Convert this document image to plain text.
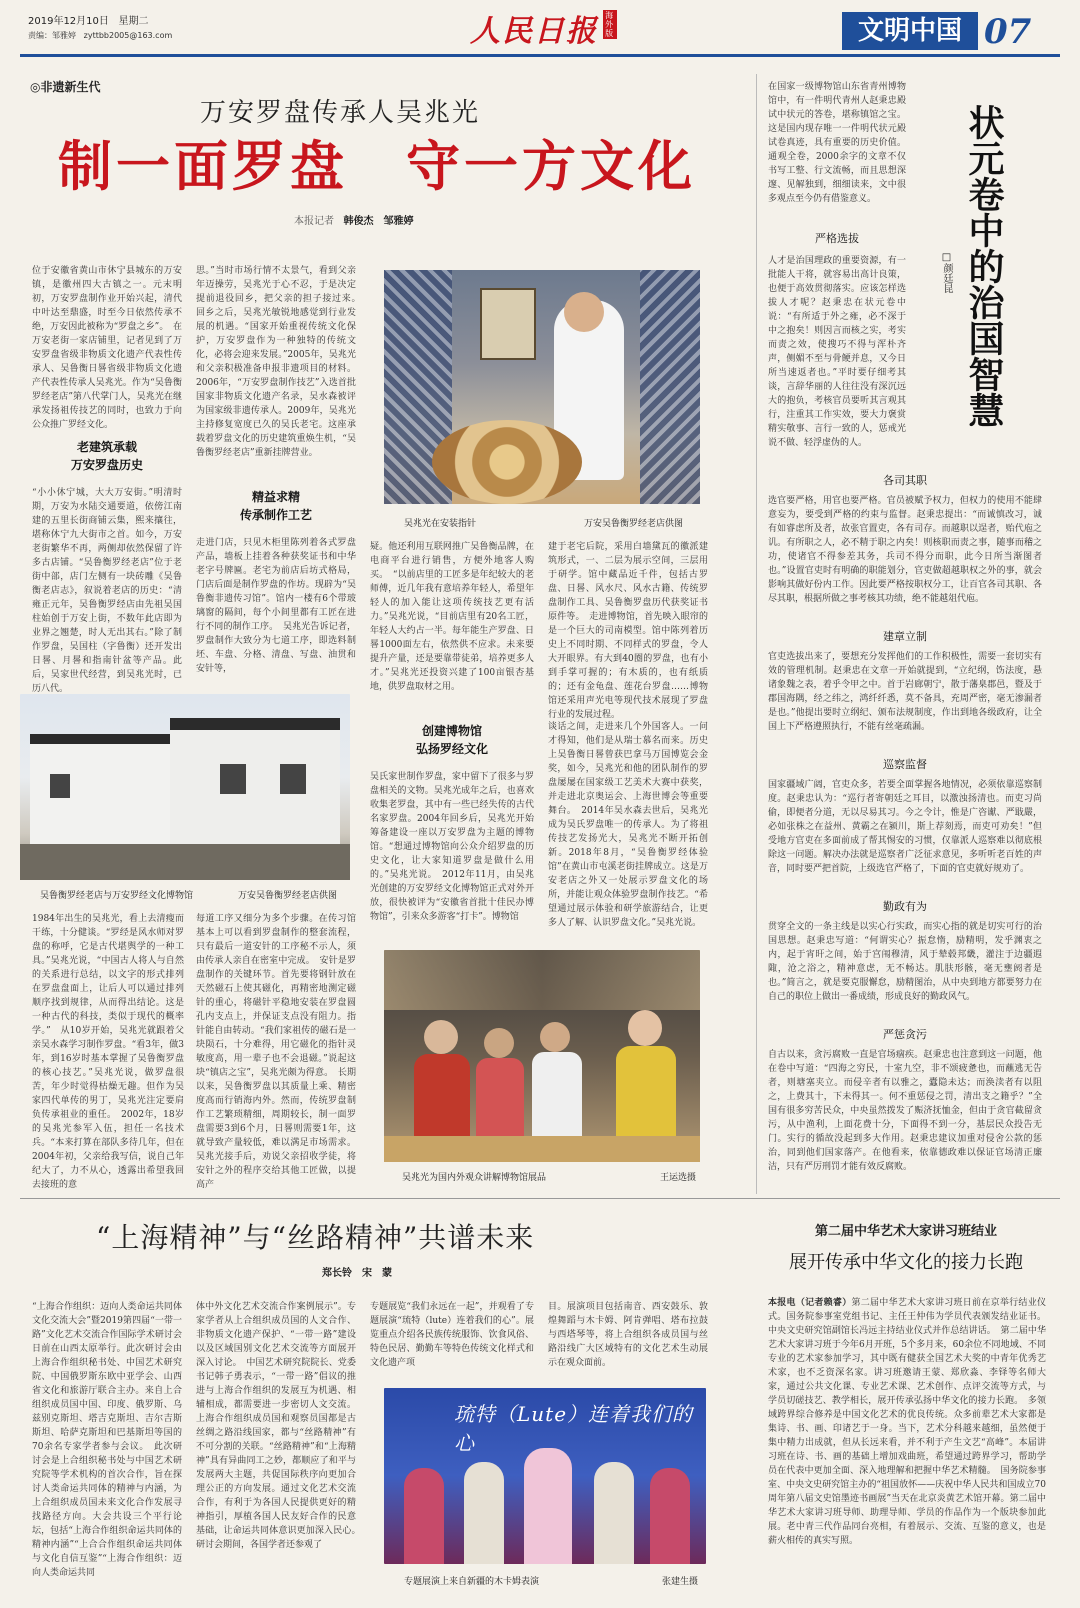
2019年12月10日 星期二
责编：邹雅婷 zyttbb2005@163.com	人民日报 海外版	文明中国 07
◎非遗新生代
万安罗盘传承人吴兆光
制一面罗盘　守一方文化
本报记者 韩俊杰　邹雅婷
位于安徽省黄山市休宁县城东的万安镇，是徽州四大古镇之一。元末明初，万安罗盘制作业开始兴起，清代中叶达至鼎盛，时至今日依然传承不绝，万安因此被称为“罗盘之乡”。　在万安老街一家店铺里，记者见到了万安罗盘省级非物质文化遗产代表性传承人、吴鲁衡日晷省级非物质文化遗产代表性传承人吴兆光。作为“吴鲁衡罗经老店”第八代掌门人，吴兆光在继承发扬祖传技艺的同时，也致力于向公众推广罗经文化。
思。”当时市场行情不太景气，看到父亲年迈操劳，吴兆光于心不忍，于是决定提前退役回乡，把父亲的担子接过来。　回乡之后，吴兆光敏锐地感觉到行业发展的机遇。“国家开始重视传统文化保护，万安罗盘作为一种独特的传统文化，必将会迎来发展。”2005年，吴兆光和父亲积极准备申报非遗项目的材料。2006年，“万安罗盘制作技艺”入选首批国家非物质文化遗产名录，吴水森被评为国家级非遗传承人。2009年，吴兆光主持修复宽度已久的吴氏老宅。这座承载着罗盘文化的历史建筑重焕生机，“吴鲁衡罗经老店”重新挂牌营业。
老建筑承载
万安罗盘历史
“小小休宁城，大大万安街。”明清时期，万安为水陆交通要道，依傍江南建的五里长街商铺云集，熙来攘往，堪称休宁九大街市之首。如今，万安老街繁华不再，两侧却依然保留了许多古店铺。“吴鲁衡罗经老店”位于老街中部，店门左侧有一块砖雕《吴鲁衡老店志》，叙说着老店的历史：“清雍正元年，吴鲁衡罗经店由先祖吴国柱始创于万安上街，不数年此店即为业界之翘楚，时人无出其右。”除了制作罗盘，吴国柱（字鲁衡）还开发出日晷、月晷和指南针盆等产品。此后，吴家世代经营，到吴兆光时，已历八代。
精益求精
传承制作工艺
走进门店，只见木柜里陈列着各式罗盘产品，墙板上挂着各种获奖证书和中华老字号牌匾。老宅为前店后坊式格局，门店后面是制作罗盘的作坊。现辟为“吴鲁衡非遗传习馆”。馆内一楼有6个带玻璃窗的隔间，每个小间里都有工匠在进行不同的制作工序。　吴兆光告诉记者，罗盘制作大致分为七道工序，即选料制坯、车盘、分格、清盘、写盘、油贯和安针等，
吴兆光在安装指针	万安吴鲁衡罗经老店供图
疑。他还利用互联网推广吴鲁衡品牌，在电商平台进行销售，方便外地客人购买。　“以前店里的工匠多是年纪较大的老师傅，近几年我有意培养年轻人，希望年轻人的加入能让这项传统技艺更有活力。”吴兆光说，“目前店里有20名工匠，年轻人大约占一半。每年能生产罗盘、日晷1000面左右，依然供不应求。未来要提升产量，还是要靠带徒弟，培养更多人才。”吴兆光还投资兴建了100亩银杏基地，供罗盘取材之用。
建于老宅后院，采用白墙黛瓦的徽派建筑形式，一、二层为展示空间，三层用于研学。馆中藏品近千件，包括古罗盘、日晷、风水尺、风水古籍、传统罗盘制作工具、吴鲁衡罗盘历代获奖证书原件等。　走进博物馆，首先映入眼帘的是一个巨大的司南模型。馆中陈列着历史上不同时期、不同样式的罗盘，令人大开眼界。有大到40圈的罗盘，也有小到手掌可握的；有木质的，也有纸质的；还有金龟盘、莲花台罗盘……博物馆还采用声光电等现代技术展现了罗盘行业的发展过程。
吴鲁衡罗经老店与万安罗经文化博物馆	万安吴鲁衡罗经老店供图
创建博物馆
弘扬罗经文化
吴氏家世制作罗盘，家中留下了很多与罗盘相关的文物。吴兆光成年之后，也喜欢收集老罗盘，其中有一些已经失传的古代名家罗盘。2004年回乡后，吴兆光开始筹备建设一座以万安罗盘为主题的博物馆。“想通过博物馆向公众介绍罗盘的历史文化，让大家知道罗盘是做什么用的。”吴兆光说。　2012年11月，由吴兆光创建的万安罗经文化博物馆正式对外开放，很快被评为“安徽省首批十佳民办博物馆”，引来众多游客“打卡”。博物馆
谈话之间，走进来几个外国客人。一问才得知，他们是从瑞士慕名而来。历史上吴鲁衡日晷曾获巴拿马万国博览会金奖，如今，吴兆光和他的团队制作的罗盘屡屡在国家级工艺美术大赛中获奖，并走进北京奥运会、上海世博会等重要舞台。　2014年吴水森去世后，吴兆光成为吴氏罗盘唯一的传承人。为了将祖传技艺发扬光大，吴兆光不断开拓创新。2018年8月，“吴鲁衡罗经体验馆”在黄山市屯溪老街挂牌成立。这是万安老店之外又一处展示罗盘文化的场所，并能让观众体验罗盘制作技艺。“希望通过展示体验和研学旅游结合，让更多人了解、认识罗盘文化。”吴兆光说。
1984年出生的吴兆光，看上去清瘦而干练，十分健谈。“罗经是风水师对罗盘的称呼，它是古代堪舆学的一种工具。”吴兆光说，“中国古人将人与自然的关系进行总结，以文字的形式排列在罗盘盘面上，让后人可以通过排列顺序找到规律，从而得出结论。这是一种古代的科技，类似于现代的概率学。”　从10岁开始，吴兆光就跟着父亲吴水森学习制作罗盘。“看3年，做3年，到16岁时基本掌握了吴鲁衡罗盘的核心技艺。”吴兆光说，做罗盘很苦，年少时觉得枯燥无趣。但作为吴家四代单传的男丁，吴兆光注定要肩负传承祖业的重任。　2002年，18岁的吴兆光参军入伍，担任一名技术兵。“本来打算在部队多待几年，但在2004年初，父亲给我写信，说自己年纪大了，力不从心，透露出希望我回去接班的意
每道工序又细分为多个步骤。在传习馆基本上可以看到罗盘制作的整套流程，只有最后一道安针的工序秘不示人，须由传承人亲自在密室中完成。　安针是罗盘制作的关键环节。首先要将钢针放在天然磁石上使其磁化，再精密地测定磁针的重心，将磁针平稳地安装在罗盘圆孔内支点上，并保证支点没有阻力。指针能自由转动。“我们家祖传的磁石是一块陨石，十分难得，用它磁化的指针灵敏度高，用一辈子也不会退磁。”说起这块“镇店之宝”，吴兆光颇为得意。　长期以来，吴鲁衡罗盘以其质量上乘、精密度高而行销海内外。然而，传统罗盘制作工艺繁琐精细，周期较长，制一面罗盘需要3到6个月，日晷则需要1年，这就导致产量较低，难以满足市场需求。吴兆光接手后，劝说父亲招收学徒，将安针之外的程序交给其他工匠做，以提高产
吴兆光为国内外观众讲解博物馆展品	王运选摄
在国家一级博物馆山东省青州博物馆中，有一件明代青州人赵秉忠殿试中状元的答卷，堪称镇馆之宝。这是国内现存唯一一件明代状元殿试卷真迹，具有重要的历史价值。通观全卷，2000余字的文章不仅书写工整、行文流畅，而且思想深邃、见解独到，细细读来，文中很多观点至今仍有借鉴意义。	状元卷中的治国智慧
□颜廷昆
严格选拔
人才是治国理政的重要资源，有一批能人干将，就容易出高计良策，也便于高效贯彻落实。应该怎样选拔人才呢？赵秉忠在状元卷中说：“有所适于外之雍，必不深于中之抱矣！则因言而核之实，考实而责之效，使搜巧不得与浑朴齐声，侧媚不至与骨鲠并息，又今日所当速返者也。”平时要仔细考其谈，言辞华丽的人往往没有深沉远大的抱负，考核官员要听其言观其行，注重其工作实效，要大力褒赏精实敬事、言行一致的人，惩戒光说不做、轻浮虚伪的人。
各司其职
选官要严格，用官也要严格。官员被赋予权力，但权力的使用不能肆意妄为，要受到严格的约束与监督。赵秉忠提出：“而诚慎改习，诚有如睿虑所及者，故张官置吏，各有司存。而越职以逞者，贻代庖之讥。有所职之人，必不精于职之内矣！则核职而责之事，随事而稽之功，使诸官不得参差其务，兵司不得分而职，此今日所当渐图者也。”设置官吏时有明确的职能划分，官吏做超越职权之外的事，就会影响其做好份内工作。因此要严格按职权分工，让百官各司其职、各尽其职，根据所做之事考核其功绩，绝不能越俎代庖。
建章立制
官吏选拔出来了，要想充分发挥他们的工作积极性，需要一套切实有效的管理机制。赵秉忠在文章一开始就提到，“立纪纲，饬法度，悬诸象魏之表，着乎令甲之中。首于岩廊朝宁，散于藩臬郡邑，暨及于郡国海隅，经之纬之，鸿纤纤悉，莫不备具，充周严密，毫无渗漏者是也。”他提出要时立纲纪、颁布法规制度，作出到地各级政府，让全国上下严格遵照执行，不能有丝毫疏漏。
巡察监督
国家疆域广阔，官吏众多，若要全面掌握各地情况，必须依靠巡察制度。赵秉忠认为：“巡行者寄朝廷之耳目，以激浊扬清也。而吏习尚偷，即便者分道，无以尽易其习。今之令计，惟是广咨谳、严戢嚴，必如张株之在益州、黄霸之在颍川，斯上荐刻焉，而吏可劝矣！”但受地方官吏在多面前成了帮其惕安的习惯，仅靠派人巡察难以彻底根除这一问题。解决办法就是巡察者广泛征求意见，多听听老百姓的声音，同时要严把首院，上级选官严格了，下面的官吏就好规劝了。
勤政有为
贯穿全文的一条主线是以实心行实政，而实心指的就是切实可行的治国思想。赵秉忠写道：“何谓实心？振怠惰，励精明，发乎渊衷之内，起于宵旰之间，始于宫闱穆清，风于辇毂邦畿，灌注于边疆遐陬，沧之浴之，精神意虑，无不畅达。肌肤形骸，毫无壅阏者是也。”简言之，就是要克服懈怠，励精图治，从中央到地方都要努力在自己的职位上做出一番成绩，形成良好的勤政风气。
严惩贪污
自古以来，贪污腐败一直是官场痼疾。赵秉忠也注意到这一问题，他在卷中写道：“四海之穷民，十室九空，非不颂疲惫也，而蘸逃无告者，则塘塞夹立。而侵辛者有以雅之，蠹隐未达；而涣渎者有以阻之，上费其十，下未得其一。何不重惩侵之罚，清出支之籍乎？”全国有很多穷苦民众，中央虽然拨发了赈济抚恤金，但由于贪官截留贪污，从中渔利，上面花费十分，下面得不到一分，基层民众投告无门。实行的循故没起到多大作用。赵秉忠建议加重对侵舍公款的惩治，同到他们国家落产。在他看来，依靠德政难以保证官场清正廉洁，只有严厉刑罚才能有效反腐败。
“上海精神”与“丝路精神”共谱未来
郑长铃　宋　蒙
“上海合作组织：迈向人类命运共同体文化交流大会”暨2019第四届“一带一路”文化艺术交流合作国际学术研讨会日前在山西太原举行。此次研讨会由上海合作组织秘书处、中国艺术研究院、中国俄罗斯东欧中亚学会、山西省文化和旅游厅联合主办。来自上合组织成员国中国、印度、俄罗斯、乌兹别克斯坦、塔吉克斯坦、吉尔吉斯斯坦、哈萨克斯坦和巴基斯坦等国的70余名专家学者参与会议。　此次研讨会是上合组织秘书处与中国艺术研究院等学术机构的首次合作，旨在探讨人类命运共同体的精神与内涵，为上合组织成员国未来文化合作发展寻找路径方向。大会共设三个平行论坛，包括“上海合作组织命运共同体的精神内涵”“上合合作组织命运共同体与文化自信互鉴”“上海合作组织：迈向人类命运共同
体中外文化艺术交流合作案例展示”。专家学者从上合组织成员国的人文合作、非物质文化遗产保护、“一带一路”建设以及区域国别文化艺术交流等方面展开深入讨论。　中国艺术研究院院长、党委书记韩子勇表示，“一带一路”倡议的推进与上海合作组织的发展互为机遇、相辅相成，都需要进一步密切人文交流。上海合作组织成员国和观察员国都是古丝绸之路沿线国家，都与“丝路精神”有不可分割的关联。“丝路精神”和“上海精神”具有异曲同工之妙，都顺应了和平与发展两大主题，共促国际秩序向更加合理公正的方向发展。通过文化艺术交流合作，有利于为各国人民提供更好的精神指引，厚植各国人民友好合作的民意基础，让命运共同体意识更加深入民心。　研讨会期间，各国学者还参观了
专题展览“我们永远在一起”，并观看了专题展演“琉特（lute）连着我们的心”。展览重点介绍各民族传统服饰、饮食风俗、特色民居、勤勤车等特色传统文化样式和文化遗产项
目。展演项目包括南音、西安鼓乐、敦煌舞蹈与木卡姆、阿肯弹唱、塔布拉鼓与西塔琴等，将上合组织各成员国与丝路沿线广大区域特有的文化艺术生动展示在观众面前。
琉特（Lute）连着我们的心
专题展演上来自新疆的木卡姆表演	张建生摄
第二届中华艺术大家讲习班结业
展开传承中华文化的接力长跑
本报电（记者赖睿）第二届中华艺术大家讲习班日前在京举行结业仪式。国务院参事室党组书记、主任王仲伟为学员代表颁发结业证书。中央文史研究馆副馆长冯远主持结业仪式并作总结讲话。　第二届中华艺术大家讲习班于今年6月开班，5个多月来，60余位不同地域、不同专业的艺术家参加学习，其中既有健获全国艺术大奖的中青年优秀艺术家，也不乏资深名家。讲习班邀请王蒙、郑欣淼、李铎等名师大家，通过公共文化课、专业艺术课、艺术创作、点评交流等方式，与学员切磋技艺、教学相长，展开传承弘扬中华文化的接力长跑。　多领域跨界综合修养是中国文化艺术的优良传统。众多前辈艺术大家都是集诗、书、画、印诸艺于一身。当下，艺术分科越来越细，虽然便于集中精力出成就，但从长远来看，并不利于产生文艺“高峰”。本届讲习班在诗、书、画的基础上增加戏曲班，希望通过跨界学习，帮助学员在代表中更加全面、深入地理解和把握中华艺术精髓。　国务院参事室、中央文史研究馆主办的“祖国放怀——庆祝中华人民共和国成立70周年第八届文史馆墨迹书画展”当天在北京炎黄艺术馆开幕。第二届中华艺术大家讲习班导师、助理导师、学员的作品作为一个版块参加此展。老中青三代作品同台亮相，有着展示、交流、互鉴的意义，也是薪火相传的真实写照。
